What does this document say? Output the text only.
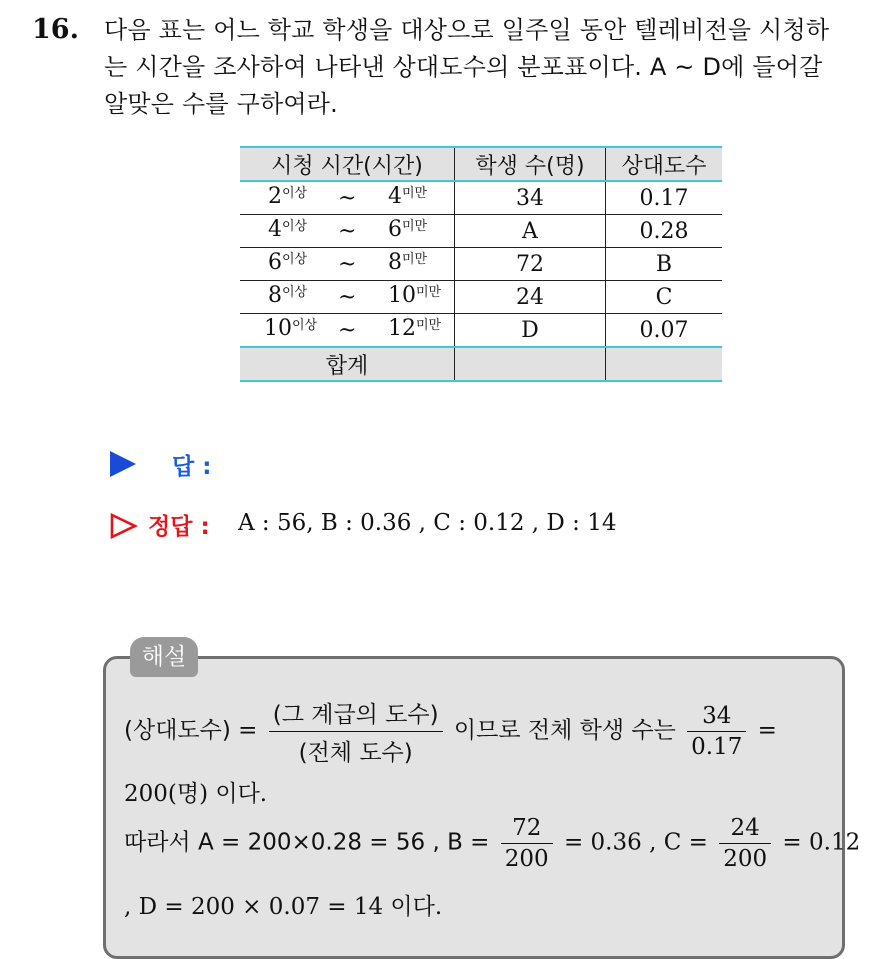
16. 다음 표는 어느 학교 학생을 대상으로 일주일 동안 텔레비전을 시청하
는 시간을 조사하여 나타낸 상대도수의 분포표이다. A ~ D에 들어갈
알맞은 수를 구하여라.
시청 시간(시간)	학생 수(명)	상대도수

$2^{이상}$ ~ $4^{미만}$	34	0.17

$4^{이상}$ ~ $6^{미만}$	A	0.28

$6^{이상}$ ~ $8^{미만}$	72	B

$8^{이상}$ ~ $10^{미만}$	24	C

$10^{이상}$ ~ $12^{미만}$	D	0.07
합계		
답 :
정답 : A : 56, B : 0.36 , C : 0.12 , D : 14
해설
(상대도수) = $\frac{\text{(그 계급의 도수)}}{\text{(전체 도수)}}$ 이므로 전체 학생 수는 $\frac{34}{0.17}$ =
200(명) 이다.
따라서 A = 200×0.28 = 56 , $B = \frac{72}{200} = 0.36$ , $C = \frac{24}{200} = 0.12$
, D = 200 × 0.07 = 14 이다.
